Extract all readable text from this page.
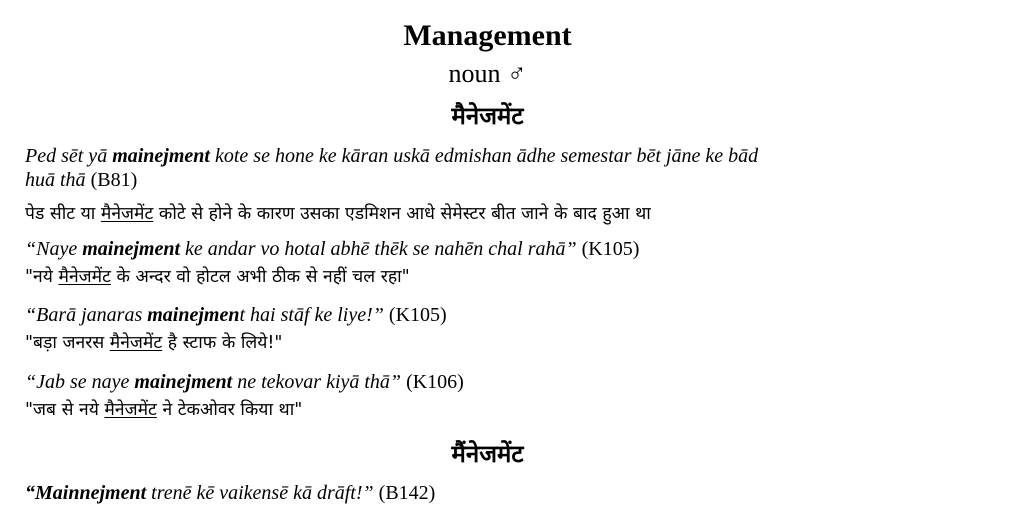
Management
noun ♂
मैनेजमेंट
Ped sēt yā mainejment kote se hone ke kāran uskā edmishan ādhe semestar bēt jāne ke bād
huā thā (B81)
पेड सीट या मैनेजमेंट कोटे से होने के कारण उसका एडमिशन आधे सेमेस्टर बीत जाने के बाद हुआ था
“Naye mainejment ke andar vo hotal abhē thēk se nahēn chal rahā” (K105)
"नये मैनेजमेंट के अन्दर वो होटल अभी ठीक से नहीं चल रहा"
“Barā janaras mainejment hai stāf ke liye!” (K105)
"बड़ा जनरस मैनेजमेंट है स्टाफ के लिये!"
“Jab se naye mainejment ne tekovar kiyā thā” (K106)
"जब से नये मैनेजमेंट ने टेकओवर किया था"
मैंनेजमेंट
“Mainnejment trenē kē vaikensē kā drāft!” (B142)
